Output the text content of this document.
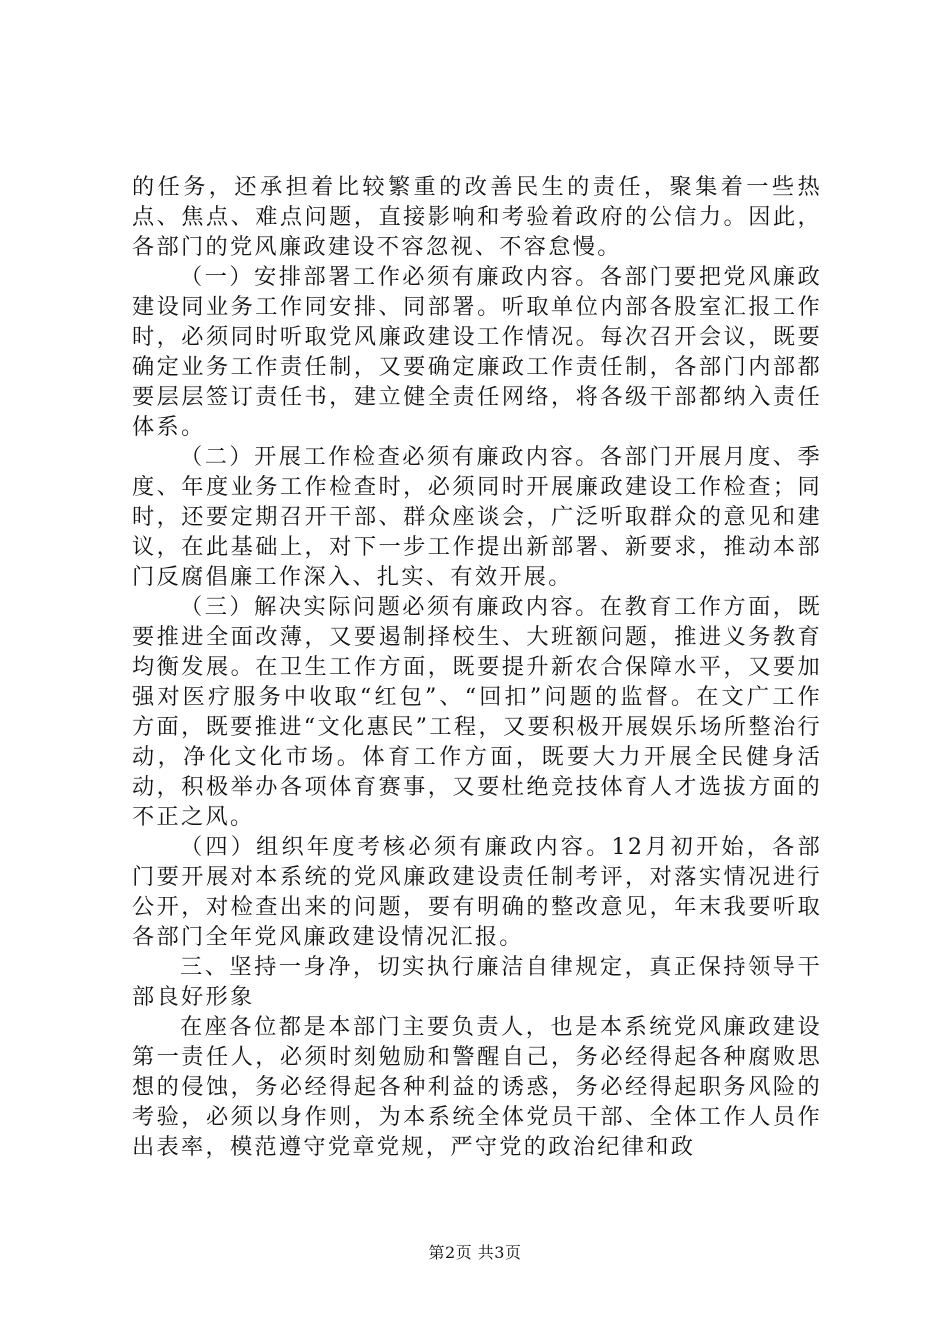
的任务，还承担着比较繁重的改善民生的责任，聚集着一些热点、焦点、难点问题，直接影响和考验着政府的公信力。因此，各部门的党风廉政建设不容忽视、不容怠慢。

（一）安排部署工作必须有廉政内容。各部门要把党风廉政建设同业务工作同安排、同部署。听取单位内部各股室汇报工作时，必须同时听取党风廉政建设工作情况。每次召开会议，既要确定业务工作责任制，又要确定廉政工作责任制，各部门内部都要层层签订责任书，建立健全责任网络，将各级干部都纳入责任体系。

（二）开展工作检查必须有廉政内容。各部门开展月度、季度、年度业务工作检查时，必须同时开展廉政建设工作检查；同时，还要定期召开干部、群众座谈会，广泛听取群众的意见和建议，在此基础上，对下一步工作提出新部署、新要求，推动本部门反腐倡廉工作深入、扎实、有效开展。

（三）解决实际问题必须有廉政内容。在教育工作方面，既要推进全面改薄，又要遏制择校生、大班额问题，推进义务教育均衡发展。在卫生工作方面，既要提升新农合保障水平，又要加强对医疗服务中收取“红包”、“回扣”问题的监督。在文广工作方面，既要推进“文化惠民”工程，又要积极开展娱乐场所整治行动，净化文化市场。体育工作方面，既要大力开展全民健身活动，积极举办各项体育赛事，又要杜绝竞技体育人才选拔方面的不正之风。

（四）组织年度考核必须有廉政内容。12月初开始，各部门要开展对本系统的党风廉政建设责任制考评，对落实情况进行公开，对检查出来的问题，要有明确的整改意见，年末我要听取各部门全年党风廉政建设情况汇报。

三、坚持一身净，切实执行廉洁自律规定，真正保持领导干部良好形象

在座各位都是本部门主要负责人，也是本系统党风廉政建设第一责任人，必须时刻勉励和警醒自己，务必经得起各种腐败思想的侵蚀，务必经得起各种利益的诱惑，务必经得起职务风险的考验，必须以身作则，为本系统全体党员干部、全体工作人员作出表率，模范遵守党章党规，严守党的政治纪律和政

第2页 共3页
